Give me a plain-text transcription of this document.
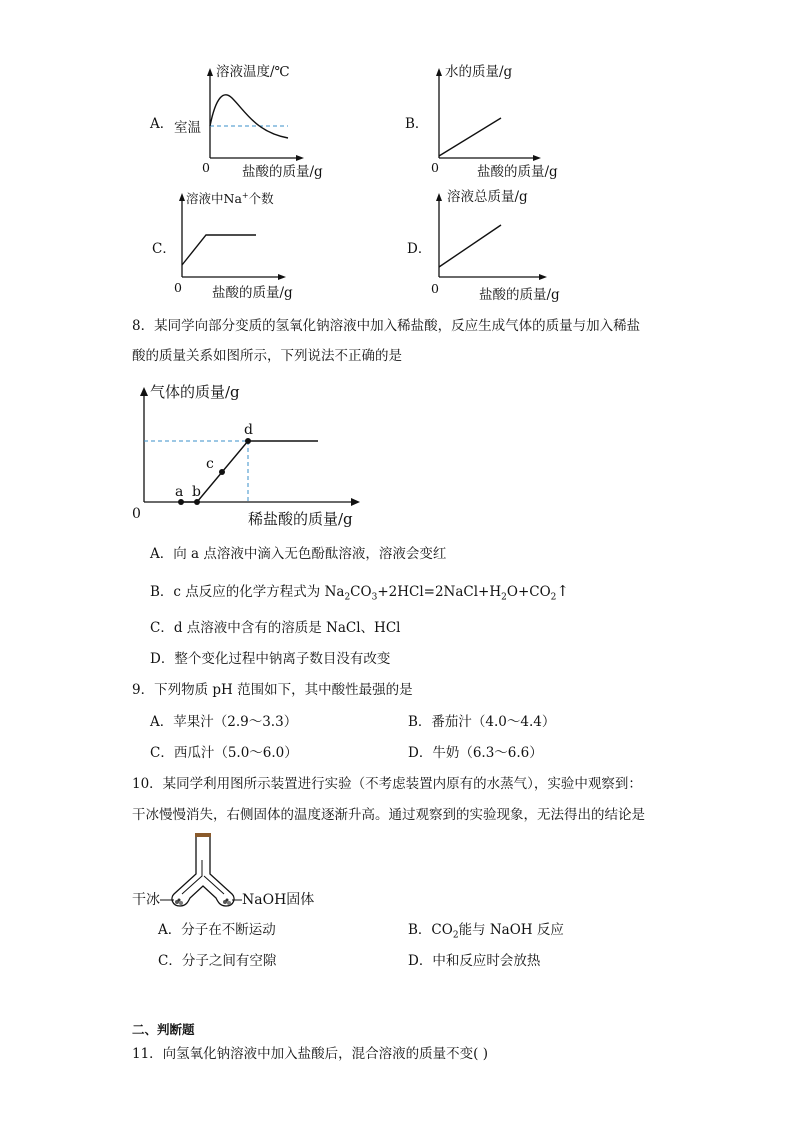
A．
溶液温度/℃
室温
0 盐酸的质量/g
B．
水的质量/g
0	盐酸的质量/g
C．
溶液中Na+个数
0 盐酸的质量/g
D．
溶液总质量/g
0	盐酸的质量/g
8．某同学向部分变质的氢氧化钠溶液中加入稀盐酸，反应生成气体的质量与加入稀盐
酸的质量关系如图所示，下列说法不正确的是
气体的质量/g
a b
c
d
0	稀盐酸的质量/g
A．向 a 点溶液中滴入无色酚酞溶液，溶液会变红
B．c 点反应的化学方程式为 $Na_2CO_3+2HCl=2NaCl+H_2O+CO_2↑$
C．d 点溶液中含有的溶质是 NaCl、HCl
D．整个变化过程中钠离子数目没有改变
9．下列物质 pH 范围如下，其中酸性最强的是
A．苹果汁（2.9～3.3）	B．番茄汁（4.0～4.4）
C．西瓜汁（5.0～6.0）	D．牛奶（6.3～6.6）
10．某同学利用图所示装置进行实验（不考虑装置内原有的水蒸气），实验中观察到：
干冰慢慢消失，右侧固体的温度逐渐升高。通过观察到的实验现象，无法得出的结论是
干冰	NaOH固体
A．分子在不断运动	B．$CO_2$能与 NaOH 反应
C．分子之间有空隙	D．中和反应时会放热
二、判断题
11．向氢氧化钠溶液中加入盐酸后，混合溶液的质量不变( )
